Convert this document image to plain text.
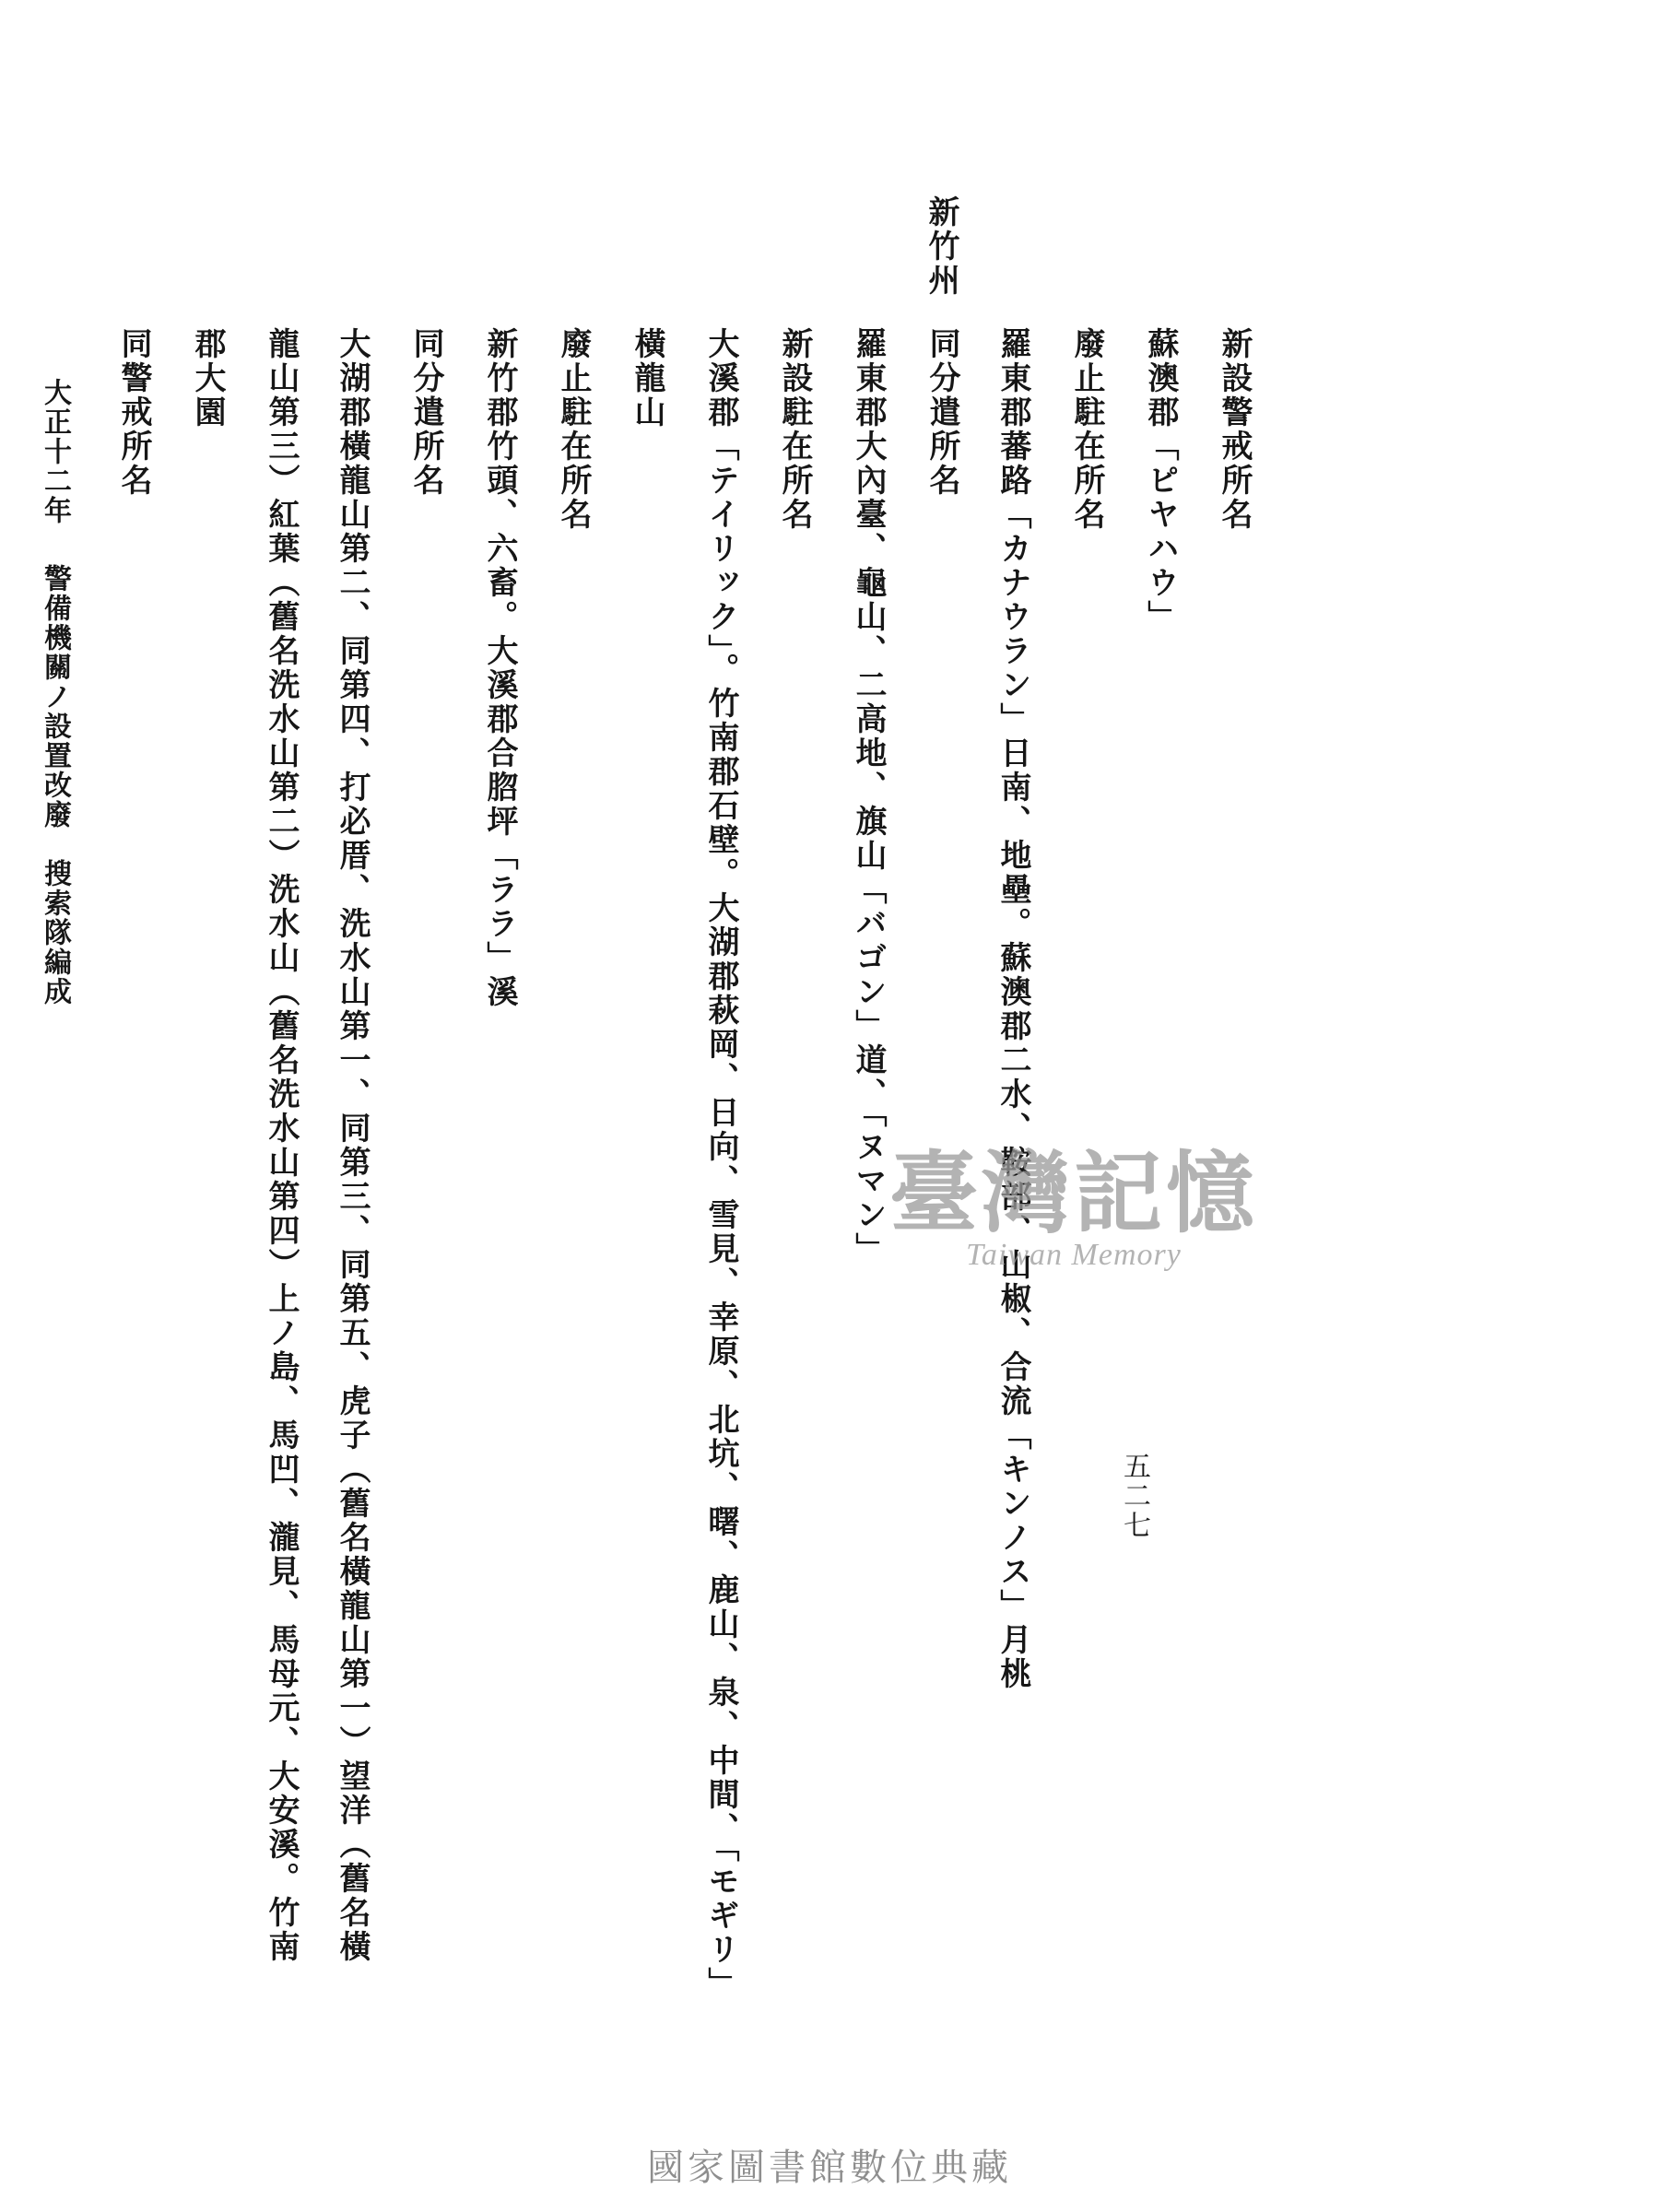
五二七
新設警戒所名
蘇澳郡「ピヤハウ」
廢止駐在所名
羅東郡蕃路「カナウラン」日南、地壘。蘇澳郡二水、鞍部、山椒、合流「キンノス」月桃
新竹州
同分遣所名
羅東郡大內臺、龜山、二高地、旗山「バゴン」道、「ヌマン」
新設駐在所名
大溪郡「テイリック」。竹南郡石壁。大湖郡萩岡、日向、雪見、幸原、北坑、曙、鹿山、泉、中間、「モギリ」
橫龍山
廢止駐在所名
新竹郡竹頭、六畜。大溪郡合脗坪「ララ」溪
同分遣所名
大湖郡橫龍山第二、同第四、打必厝、洗水山第一、同第三、同第五、虎子（舊名橫龍山第一）望洋（舊名橫
龍山第三）紅葉（舊名洗水山第二）洗水山（舊名洗水山第四）上ノ島、馬凹、瀧見、馬母元、大安溪。竹南
郡大園
同警戒所名
大正十二年
警備機關ノ設置改廢　搜索隊編成
臺灣記憶
Taiwan Memory
國家圖書館數位典藏
